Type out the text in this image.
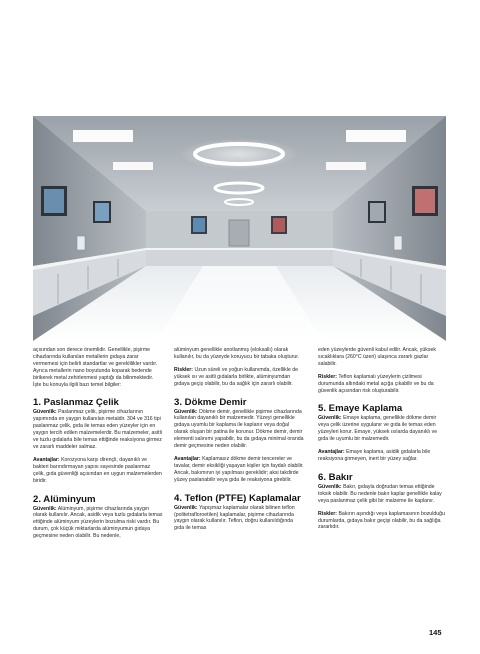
açısından son derece önemlidir. Genellikle, pişirme cihazlarında kullanılan metallerin gıdaya zarar vermemesi için belirli standartlar ve gereklilikler vardır. Ayrıca metallerin nano boyutunda koparak bedende birikerek metal zehirlenmesi yaptığı da bilinmektedir. İşte bu konuyla ilgili bazı temel bilgiler:

1. Paslanmaz Çelik

Güvenlik: Paslanmaz çelik, pişirme cihazlarının yapımında en yaygın kullanılan metaldir. 304 ve 316 tipi paslanmaz çelik, gıda ile temas eden yüzeyler için en yaygın tercih edilen malzemelerdir. Bu malzemeler, asitli ve tuzlu gıdalarla bile temas ettiğinde reaksiyona girmez ve zararlı maddeler salmaz.

Avantajlar: Korozyona karşı dirençli, dayanıklı ve bakteri barındırmayan yapısı sayesinde paslanmaz çelik, gıda güvenliği açısından en uygun malzemelerden biridir.

2. Alüminyum

Güvenlik: Alüminyum, pişirme cihazlarında yaygın olarak kullanılır. Ancak, asidik veya tuzlu gıdalarla temas ettiğinde alüminyum yüzeylerin bozulma riski vardır. Bu durum, çok küçük miktarlarda alüminyumun gıdaya geçmesine neden olabilir. Bu nedenle,

alüminyum genellikle anotlanmış (eloksallı) olarak kullanılır, bu da yüzeyde koruyucu bir tabaka oluşturur.

Riskler: Uzun süreli ve yoğun kullanımda, özellikle de yüksek ısı ve asitli gıdalarla birlikte, alüminyumdan gıdaya geçiş olabilir, bu da sağlık için zararlı olabilir.

3. Dökme Demir

Güvenlik: Dökme demir, genellikle pişirme cihazlarında kullanılan dayanıklı bir malzemedir. Yüzeyi genellikle gıdaya uyumlu bir kaplama ile kaplanır veya doğal olarak oluşan bir patina ile korunur. Dökme demir, demir elementi salınımı yapabilir, bu da gıdaya minimal oranda demir geçmesine neden olabilir.

Avantajlar: Kaplamasız dökme demir tencereler ve tavalar, demir eksikliği yaşayan kişiler için faydalı olabilir. Ancak, bakımının iyi yapılması gereklidir; aksi takdirde yüzey paslanabilir veya gıda ile reaksiyona girebilir.

4. Teflon (PTFE) Kaplamalar

Güvenlik: Yapışmaz kaplamalar olarak bilinen teflon (politetrafloroetilen) kaplamalar, pişirme cihazlarında yaygın olarak kullanılır. Teflon, doğru kullanıldığında gıda ile temas

eden yüzeylerde güvenli kabul edilir. Ancak, yüksek sıcaklıklara (260°C üzeri) ulaşınca zararlı gazlar salabilir.

Riskler: Teflon kaplamalı yüzeylerin çizilmesi durumunda altındaki metal açığa çıkabilir ve bu da güvenlik açısından risk oluşturabilir.

5. Emaye Kaplama

Güvenlik: Emaye kaplama, genellikle dökme demir veya çelik üzerine uygulanır ve gıda ile temas eden yüzeyleri korur. Emaye, yüksek ısılarda dayanıklı ve gıda ile uyumlu bir malzemedir.

Avantajlar: Emaye kaplama, asidik gıdalarla bile reaksiyona girmeyen, inert bir yüzey sağlar.

6. Bakır

Güvenlik: Bakır, gıdayla doğrudan temas ettiğinde toksik olabilir. Bu nedenle bakır kaplar genellikle kalay veya paslanmaz çelik gibi bir malzeme ile kaplanır.

Riskler: Bakırın aşındığı veya kaplamasının bozulduğu durumlarda, gıdaya bakır geçişi olabilir, bu da sağlığa zararlıdır.

145
